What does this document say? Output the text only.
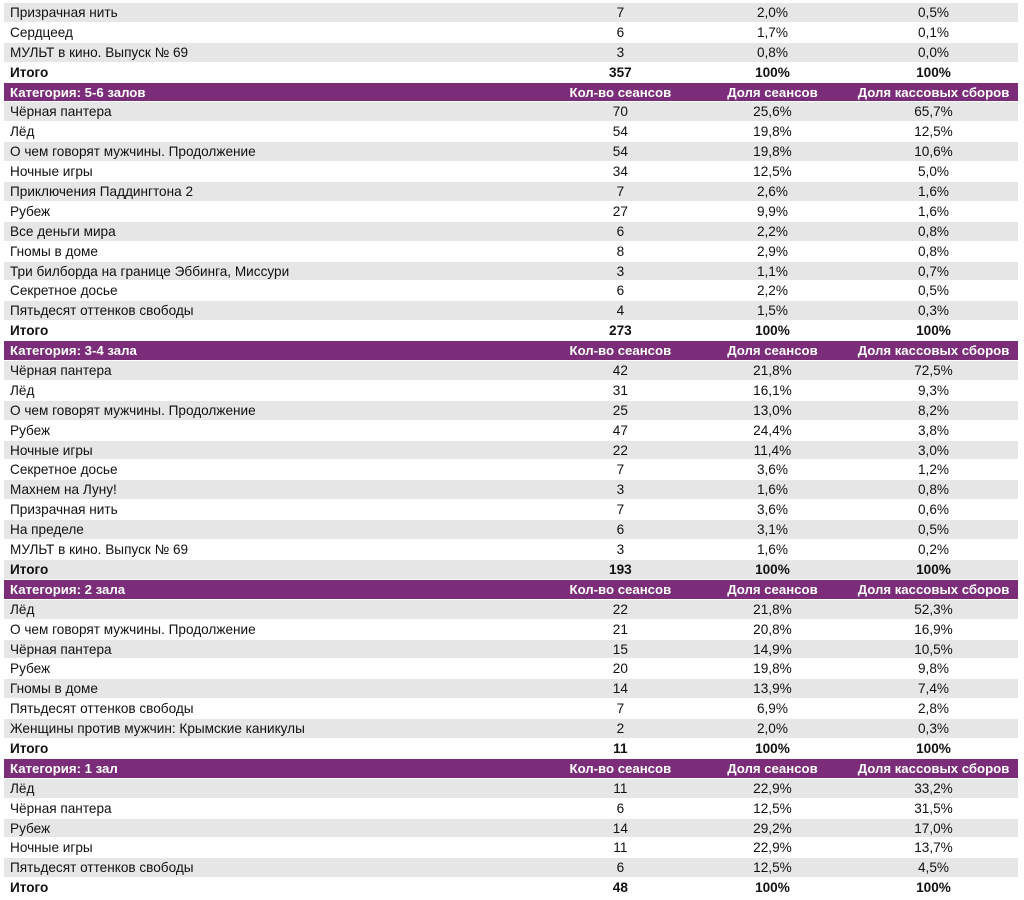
Призрачная нить	7	2,0%	0,5%
Сердцеед	6	1,7%	0,1%
МУЛЬТ в кино. Выпуск № 69	3	0,8%	0,0%
Итого	357	100%	100%
Категория: 5-6 залов	Кол-во сеансов	Доля сеансов	Доля кассовых сборов
Чёрная пантера	70	25,6%	65,7%
Лёд	54	19,8%	12,5%
О чем говорят мужчины. Продолжение	54	19,8%	10,6%
Ночные игры	34	12,5%	5,0%
Приключения Паддингтона 2	7	2,6%	1,6%
Рубеж	27	9,9%	1,6%
Все деньги мира	6	2,2%	0,8%
Гномы в доме	8	2,9%	0,8%
Три билборда на границе Эббинга, Миссури	3	1,1%	0,7%
Секретное досье	6	2,2%	0,5%
Пятьдесят оттенков свободы	4	1,5%	0,3%
Итого	273	100%	100%
Категория: 3-4 зала	Кол-во сеансов	Доля сеансов	Доля кассовых сборов
Чёрная пантера	42	21,8%	72,5%
Лёд	31	16,1%	9,3%
О чем говорят мужчины. Продолжение	25	13,0%	8,2%
Рубеж	47	24,4%	3,8%
Ночные игры	22	11,4%	3,0%
Секретное досье	7	3,6%	1,2%
Махнем на Луну!	3	1,6%	0,8%
Призрачная нить	7	3,6%	0,6%
На пределе	6	3,1%	0,5%
МУЛЬТ в кино. Выпуск № 69	3	1,6%	0,2%
Итого	193	100%	100%
Категория: 2 зала	Кол-во сеансов	Доля сеансов	Доля кассовых сборов
Лёд	22	21,8%	52,3%
О чем говорят мужчины. Продолжение	21	20,8%	16,9%
Чёрная пантера	15	14,9%	10,5%
Рубеж	20	19,8%	9,8%
Гномы в доме	14	13,9%	7,4%
Пятьдесят оттенков свободы	7	6,9%	2,8%
Женщины против мужчин: Крымские каникулы	2	2,0%	0,3%
Итого	11	100%	100%
Категория: 1 зал	Кол-во сеансов	Доля сеансов	Доля кассовых сборов
Лёд	11	22,9%	33,2%
Чёрная пантера	6	12,5%	31,5%
Рубеж	14	29,2%	17,0%
Ночные игры	11	22,9%	13,7%
Пятьдесят оттенков свободы	6	12,5%	4,5%
Итого	48	100%	100%
